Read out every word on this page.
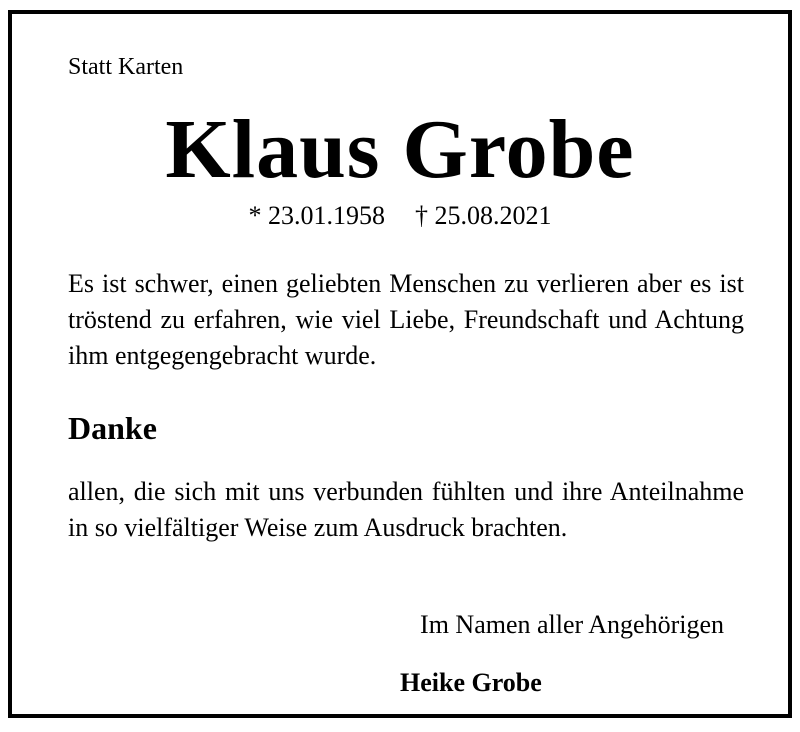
Statt Karten
Klaus Grobe
* 23.01.1958 † 25.08.2021
Es ist schwer, einen geliebten Menschen zu verlieren aber es ist tröstend zu erfahren, wie viel Liebe, Freundschaft und Achtung ihm entgegengebracht wurde.
Danke
allen, die sich mit uns verbunden fühlten und ihre Anteilnahme in so vielfältiger Weise zum Ausdruck brachten.
Im Namen aller Angehörigen
Heike Grobe
